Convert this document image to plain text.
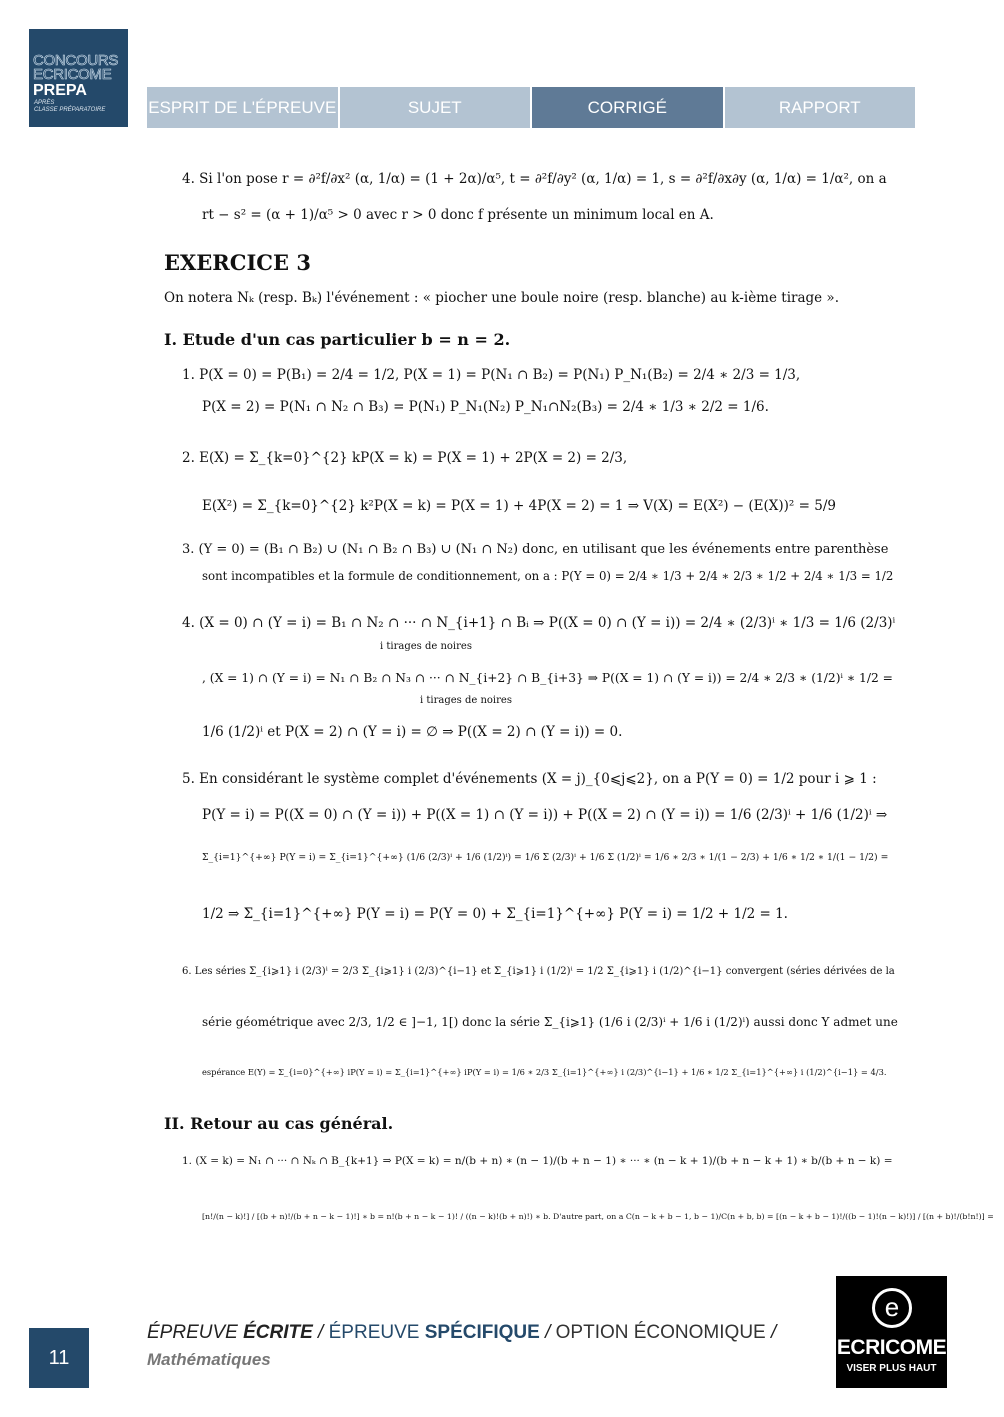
CONCOURS
ECRICOME
PREPA
APRÈS
CLASSE PRÉPARATOIRE	ESPRIT DE L'ÉPREUVE	SUJET	CORRIGÉ	RAPPORT
4. Si l'on pose r = ∂²f/∂x² (α, 1/α) = (1 + 2α)/α⁵, t = ∂²f/∂y² (α, 1/α) = 1, s = ∂²f/∂x∂y (α, 1/α) = 1/α², on a
rt − s² = (α + 1)/α⁵ > 0 avec r > 0 donc f présente un minimum local en A.
EXERCICE 3
On notera Nₖ (resp. Bₖ) l'événement : « piocher une boule noire (resp. blanche) au k-ième tirage ».
I. Etude d'un cas particulier b = n = 2.
1. P(X = 0) = P(B₁) = 2/4 = 1/2, P(X = 1) = P(N₁ ∩ B₂) = P(N₁) P_N₁(B₂) = 2/4 ∗ 2/3 = 1/3,
P(X = 2) = P(N₁ ∩ N₂ ∩ B₃) = P(N₁) P_N₁(N₂) P_N₁∩N₂(B₃) = 2/4 ∗ 1/3 ∗ 2/2 = 1/6.
2. E(X) = Σ_{k=0}^{2} kP(X = k) = P(X = 1) + 2P(X = 2) = 2/3,
E(X²) = Σ_{k=0}^{2} k²P(X = k) = P(X = 1) + 4P(X = 2) = 1 ⇒ V(X) = E(X²) − (E(X))² = 5/9
3. (Y = 0) = (B₁ ∩ B₂) ∪ (N₁ ∩ B₂ ∩ B₃) ∪ (N₁ ∩ N₂) donc, en utilisant que les événements entre parenthèse
sont incompatibles et la formule de conditionnement, on a : P(Y = 0) = 2/4 ∗ 1/3 + 2/4 ∗ 2/3 ∗ 1/2 + 2/4 ∗ 1/3 = 1/2
4. (X = 0) ∩ (Y = i) = B₁ ∩ N₂ ∩ ··· ∩ N_{i+1} ∩ Bᵢ ⇒ P((X = 0) ∩ (Y = i)) = 2/4 ∗ (2/3)ⁱ ∗ 1/3 = 1/6 (2/3)ⁱ
i tirages de noires
, (X = 1) ∩ (Y = i) = N₁ ∩ B₂ ∩ N₃ ∩ ··· ∩ N_{i+2} ∩ B_{i+3} ⇒ P((X = 1) ∩ (Y = i)) = 2/4 ∗ 2/3 ∗ (1/2)ⁱ ∗ 1/2 =
i tirages de noires
1/6 (1/2)ⁱ et P(X = 2) ∩ (Y = i) = ∅ ⇒ P((X = 2) ∩ (Y = i)) = 0.
5. En considérant le système complet d'événements (X = j)_{0⩽j⩽2}, on a P(Y = 0) = 1/2 pour i ⩾ 1 :
P(Y = i) = P((X = 0) ∩ (Y = i)) + P((X = 1) ∩ (Y = i)) + P((X = 2) ∩ (Y = i)) = 1/6 (2/3)ⁱ + 1/6 (1/2)ⁱ ⇒
Σ_{i=1}^{+∞} P(Y = i) = Σ_{i=1}^{+∞} (1/6 (2/3)ⁱ + 1/6 (1/2)ⁱ) = 1/6 Σ (2/3)ⁱ + 1/6 Σ (1/2)ⁱ = 1/6 ∗ 2/3 ∗ 1/(1 − 2/3) + 1/6 ∗ 1/2 ∗ 1/(1 − 1/2) =
1/2 ⇒ Σ_{i=1}^{+∞} P(Y = i) = P(Y = 0) + Σ_{i=1}^{+∞} P(Y = i) = 1/2 + 1/2 = 1.
6. Les séries Σ_{i⩾1} i (2/3)ⁱ = 2/3 Σ_{i⩾1} i (2/3)^{i−1} et Σ_{i⩾1} i (1/2)ⁱ = 1/2 Σ_{i⩾1} i (1/2)^{i−1} convergent (séries dérivées de la
série géométrique avec 2/3, 1/2 ∈ ]−1, 1[) donc la série Σ_{i⩾1} (1/6 i (2/3)ⁱ + 1/6 i (1/2)ⁱ) aussi donc Y admet une
espérance E(Y) = Σ_{i=0}^{+∞} iP(Y = i) = Σ_{i=1}^{+∞} iP(Y = i) = 1/6 ∗ 2/3 Σ_{i=1}^{+∞} i (2/3)^{i−1} + 1/6 ∗ 1/2 Σ_{i=1}^{+∞} i (1/2)^{i−1} = 4/3.
II. Retour au cas général.
1. (X = k) = N₁ ∩ ··· ∩ Nₖ ∩ B_{k+1} ⇒ P(X = k) = n/(b + n) ∗ (n − 1)/(b + n − 1) ∗ ··· ∗ (n − k + 1)/(b + n − k + 1) ∗ b/(b + n − k) =
[n!/(n − k)!] / [(b + n)!/(b + n − k − 1)!] ∗ b = n!(b + n − k − 1)! / ((n − k)!(b + n)!) ∗ b. D'autre part, on a C(n − k + b − 1, b − 1)/C(n + b, b) = [(n − k + b − 1)!/((b − 1)!(n − k)!)] / [(n + b)!/(b!n!)] =
11
ÉPREUVE ÉCRITE / ÉPREUVE SPÉCIFIQUE / OPTION ÉCONOMIQUE /
Mathématiques
e
ECRICOME
VISER PLUS HAUT
